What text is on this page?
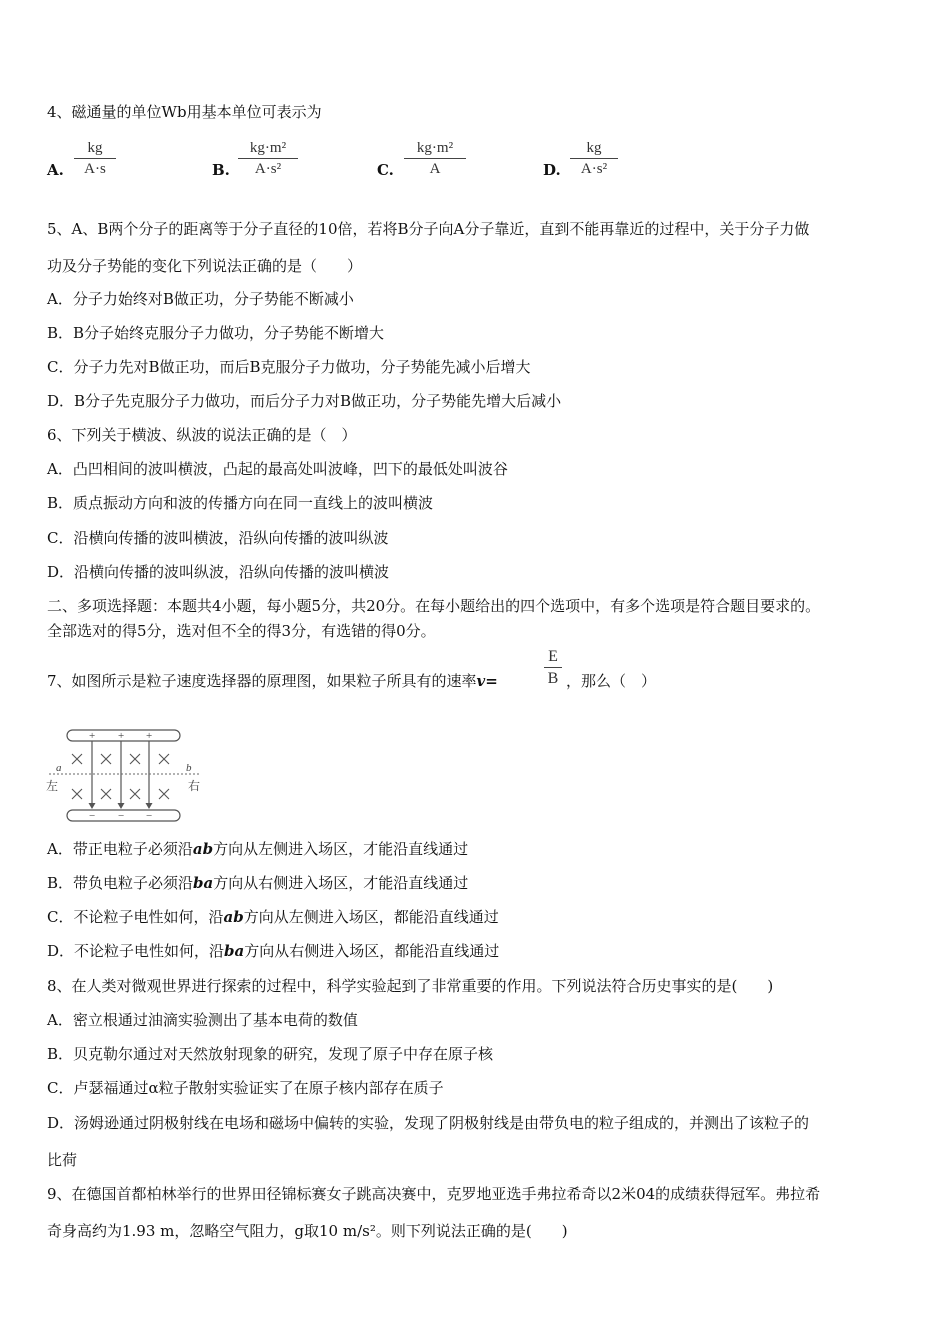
4、磁通量的单位Wb用基本单位可表示为
A. $\frac{kg}{A\cdot s}$	B. $\frac{\text{kg·m²}}{\text{A·s²}}$	C. $\frac{\text{kg·m²}}{A}$	D. $\frac{kg}{\text{A·s²}}$
5、A、B两个分子的距离等于分子直径的10倍，若将B分子向A分子靠近，直到不能再靠近的过程中，关于分子力做
功及分子势能的变化下列说法正确的是（　　）
A．分子力始终对B做正功，分子势能不断减小
B．B分子始终克服分子力做功，分子势能不断增大
C．分子力先对B做正功，而后B克服分子力做功，分子势能先减小后增大
D．B分子先克服分子力做功，而后分子力对B做正功，分子势能先增大后减小
6、下列关于横波、纵波的说法正确的是（　）
A．凸凹相间的波叫横波，凸起的最高处叫波峰，凹下的最低处叫波谷
B．质点振动方向和波的传播方向在同一直线上的波叫横波
C．沿横向传播的波叫横波，沿纵向传播的波叫纵波
D．沿横向传播的波叫纵波，沿纵向传播的波叫横波
二、多项选择题：本题共4小题，每小题5分，共20分。在每小题给出的四个选项中，有多个选项是符合题目要求的。
全部选对的得5分，选对但不全的得3分，有选错的得0分。
7、如图所示是粒子速度选择器的原理图，如果粒子所具有的速率v=	$\frac{E}{B}$ ，那么（　）
+ + +
− − −
a	b
左	右
A．带正电粒子必须沿ab方向从左侧进入场区，才能沿直线通过
B．带负电粒子必须沿ba方向从右侧进入场区，才能沿直线通过
C．不论粒子电性如何，沿ab方向从左侧进入场区，都能沿直线通过
D．不论粒子电性如何，沿ba方向从右侧进入场区，都能沿直线通过
8、在人类对微观世界进行探索的过程中，科学实验起到了非常重要的作用。下列说法符合历史事实的是(　　)
A．密立根通过油滴实验测出了基本电荷的数值
B．贝克勒尔通过对天然放射现象的研究，发现了原子中存在原子核
C．卢瑟福通过α粒子散射实验证实了在原子核内部存在质子
D．汤姆逊通过阴极射线在电场和磁场中偏转的实验，发现了阴极射线是由带负电的粒子组成的，并测出了该粒子的
比荷
9、在德国首都柏林举行的世界田径锦标赛女子跳高决赛中，克罗地亚选手弗拉希奇以2米04的成绩获得冠军。弗拉希
奇身高约为1.93 m，忽略空气阻力，g取10 m/s²。则下列说法正确的是(　　)
